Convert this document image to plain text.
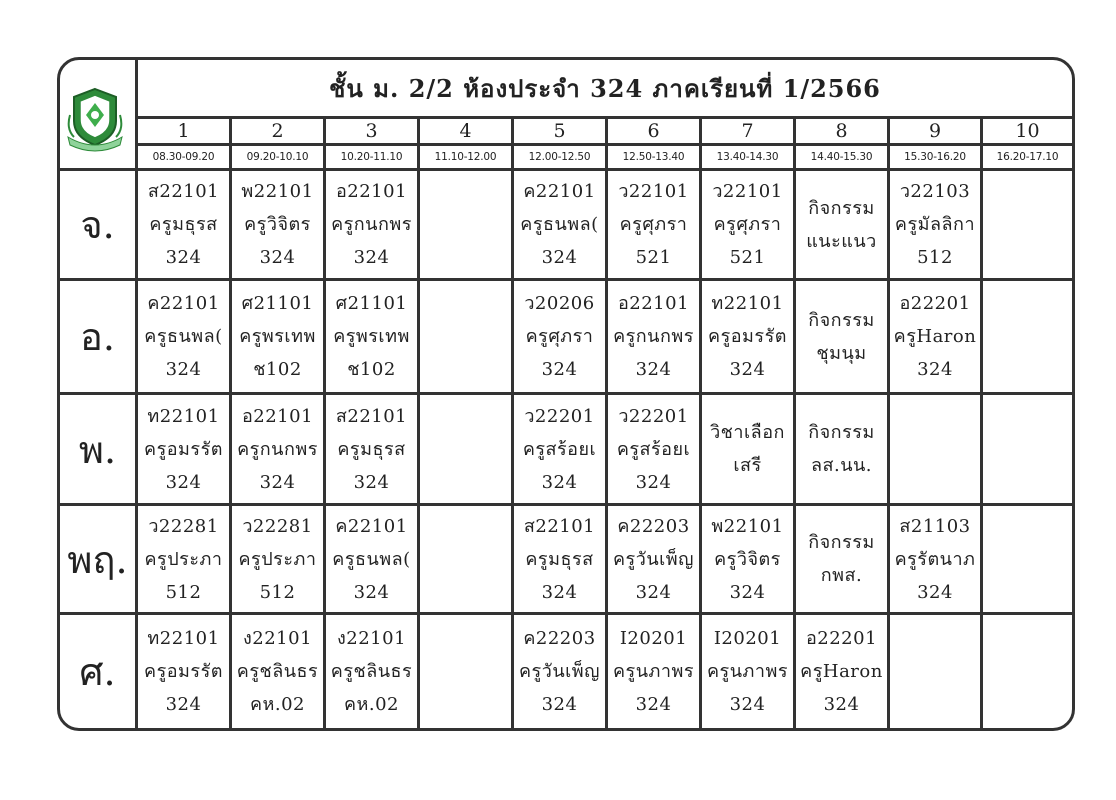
ชั้น ม. 2/2 ห้องประจำ 324 ภาคเรียนที่ 1/2566
1
08.30-09.20
2
09.20-10.10
3
10.20-11.10
4
11.10-12.00
5
12.00-12.50
6
12.50-13.40
7
13.40-14.30
8
14.40-15.30
9
15.30-16.20
10
16.20-17.10
จ.
ส22101
ครูมธุรส
324
พ22101
ครูวิจิตร
324
อ22101
ครูกนกพร
324
ค22101
ครูธนพล(
324
ว22101
ครูศุภรา
521
ว22101
ครูศุภรา
521
กิจกรรม
แนะแนว
ว22103
ครูมัลลิกา
512
อ.
ค22101
ครูธนพล(
324
ศ21101
ครูพรเทพ
ช102
ศ21101
ครูพรเทพ
ช102
ว20206
ครูศุภรา
324
อ22101
ครูกนกพร
324
ท22101
ครูอมรรัต
324
กิจกรรม
ชุมนุม
อ22201
ครูHaron
324
พ.
ท22101
ครูอมรรัต
324
อ22101
ครูกนกพร
324
ส22101
ครูมธุรส
324
ว22201
ครูสร้อยเ
324
ว22201
ครูสร้อยเ
324
วิชาเลือก
เสรี
กิจกรรม
ลส.นน.
พฤ.
ว22281
ครูประภา
512
ว22281
ครูประภา
512
ค22101
ครูธนพล(
324
ส22101
ครูมธุรส
324
ค22203
ครูวันเพ็ญ
324
พ22101
ครูวิจิตร
324
กิจกรรม
กพส.
ส21103
ครูรัตนาภ
324
ศ.
ท22101
ครูอมรรัต
324
ง22101
ครูชลินธร
คห.02
ง22101
ครูชลินธร
คห.02
ค22203
ครูวันเพ็ญ
324
I20201
ครูนภาพร
324
I20201
ครูนภาพร
324
อ22201
ครูHaron
324
